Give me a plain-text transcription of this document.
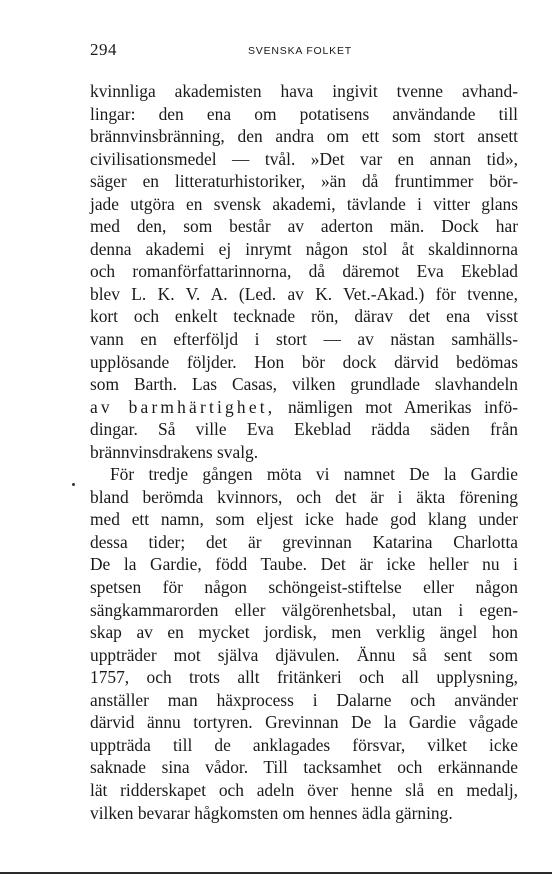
294	SVENSKA FOLKET
kvinnliga akademisten hava ingivit tvenne avhand-
lingar: den ena om potatisens användande till
brännvinsbränning, den andra om ett som stort ansett
civilisationsmedel — tvål. »Det var en annan tid»,
säger en litteraturhistoriker, »än då fruntimmer bör-
jade utgöra en svensk akademi, tävlande i vitter glans
med den, som består av aderton män. Dock har
denna akademi ej inrymt någon stol åt skaldinnorna
och romanförfattarinnorna, då däremot Eva Ekeblad
blev L. K. V. A. (Led. av K. Vet.-Akad.) för tvenne,
kort och enkelt tecknade rön, därav det ena visst
vann en efterföljd i stort — av nästan samhälls-
upplösande följder. Hon bör dock därvid bedömas
som Barth. Las Casas, vilken grundlade slavhandeln
av barmhärtighet, nämligen mot Amerikas infö-
dingar. Så ville Eva Ekeblad rädda säden från
brännvinsdrakens svalg.
För tredje gången möta vi namnet De la Gardie
bland berömda kvinnors, och det är i äkta förening
med ett namn, som eljest icke hade god klang under
dessa tider; det är grevinnan Katarina Charlotta
De la Gardie, född Taube. Det är icke heller nu i
spetsen för någon schöngeist-stiftelse eller någon
sängkammarorden eller välgörenhetsbal, utan i egen-
skap av en mycket jordisk, men verklig ängel hon
uppträder mot själva djävulen. Ännu så sent som
1757, och trots allt fritänkeri och all upplysning,
anställer man häxprocess i Dalarne och använder
därvid ännu tortyren. Grevinnan De la Gardie vågade
uppträda till de anklagades försvar, vilket icke
saknade sina vådor. Till tacksamhet och erkännande
lät ridderskapet och adeln över henne slå en medalj,
vilken bevarar hågkomsten om hennes ädla gärning.
